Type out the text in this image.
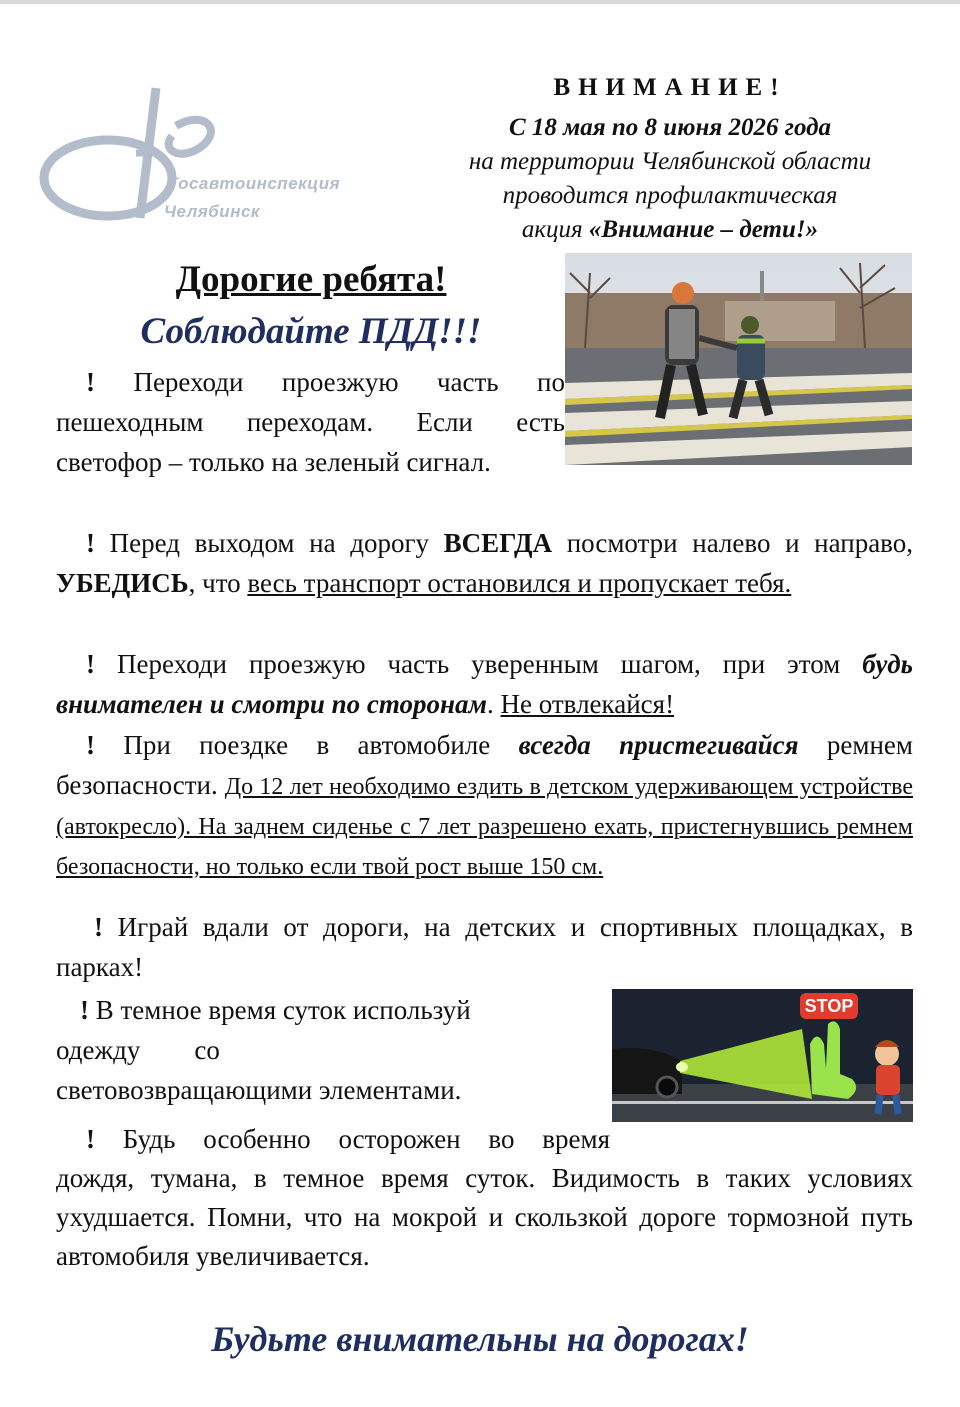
Госавтоинспекция
Челябинск
ВНИМАНИЕ!
С 18 мая по 8 июня 2026 года
на территории Челябинской области
проводится профилактическая
акция «Внимание – дети!»
Дорогие ребята!
Соблюдайте ПДД!!!
! Переходи проезжую часть по пешеходным переходам. Если есть светофор – только на зеленый сигнал.
! Перед выходом на дорогу ВСЕГДА посмотри налево и направо, УБЕДИСЬ, что весь транспорт остановился и пропускает тебя.
! Переходи проезжую часть уверенным шагом, при этом будь внимателен и смотри по сторонам. Не отвлекайся!
! При поездке в автомобиле всегда пристегивайся ремнем безопасности. До 12 лет необходимо ездить в детском удерживающем устройстве (автокресло). На заднем сиденье с 7 лет разрешено ехать, пристегнувшись ремнем безопасности, но только если твой рост выше 150 см.
! Играй вдали от дороги, на детских и спортивных площадках, в парках!
STOP
! В темное время суток используй
одежду        со
световозвращающими элементами.
! Будь особенно осторожен во время
дождя, тумана, в темное время суток. Видимость в таких условиях ухудшается. Помни, что на мокрой и скользкой дороге тормозной путь автомобиля увеличивается.
Будьте внимательны на дорогах!
